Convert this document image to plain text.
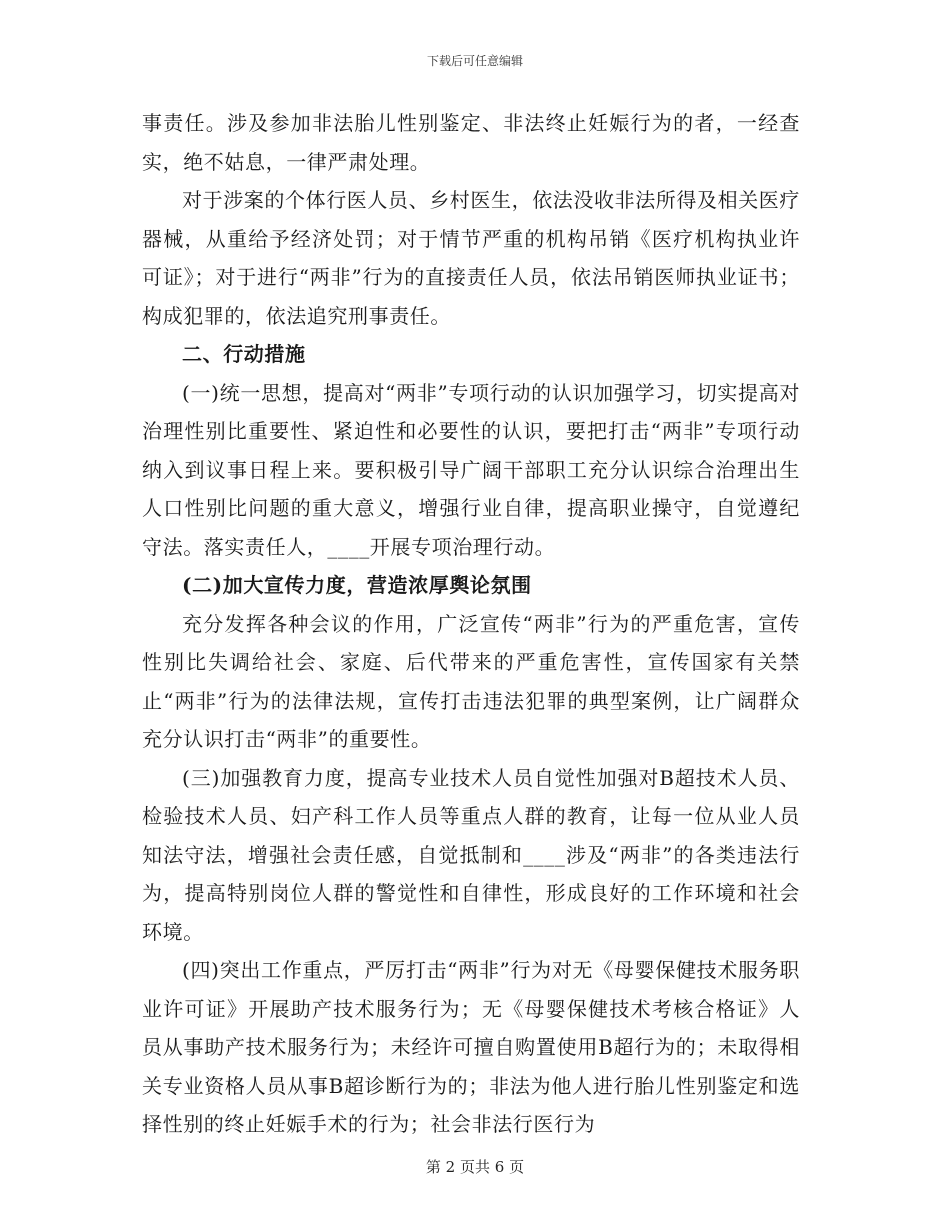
下载后可任意编辑

事责任。涉及参加非法胎儿性别鉴定、非法终止妊娠行为的者，一经查实，绝不姑息，一律严肃处理。

对于涉案的个体行医人员、乡村医生，依法没收非法所得及相关医疗器械，从重给予经济处罚；对于情节严重的机构吊销《医疗机构执业许可证》；对于进行“两非”行为的直接责任人员，依法吊销医师执业证书；构成犯罪的，依法追究刑事责任。

二、行动措施

(一)统一思想，提高对“两非”专项行动的认识加强学习，切实提高对治理性别比重要性、紧迫性和必要性的认识，要把打击“两非”专项行动纳入到议事日程上来。要积极引导广阔干部职工充分认识综合治理出生人口性别比问题的重大意义，增强行业自律，提高职业操守，自觉遵纪守法。落实责任人，____开展专项治理行动。

(二)加大宣传力度，营造浓厚舆论氛围

充分发挥各种会议的作用，广泛宣传“两非”行为的严重危害，宣传性别比失调给社会、家庭、后代带来的严重危害性，宣传国家有关禁止“两非”行为的法律法规，宣传打击违法犯罪的典型案例，让广阔群众充分认识打击“两非”的重要性。

(三)加强教育力度，提高专业技术人员自觉性加强对B超技术人员、检验技术人员、妇产科工作人员等重点人群的教育，让每一位从业人员知法守法，增强社会责任感，自觉抵制和____涉及“两非”的各类违法行为，提高特别岗位人群的警觉性和自律性，形成良好的工作环境和社会环境。

(四)突出工作重点，严厉打击“两非”行为对无《母婴保健技术服务职业许可证》开展助产技术服务行为；无《母婴保健技术考核合格证》人员从事助产技术服务行为；未经许可擅自购置使用B超行为的；未取得相关专业资格人员从事B超诊断行为的；非法为他人进行胎儿性别鉴定和选择性别的终止妊娠手术的行为；社会非法行医行为

第 2 页共 6 页
